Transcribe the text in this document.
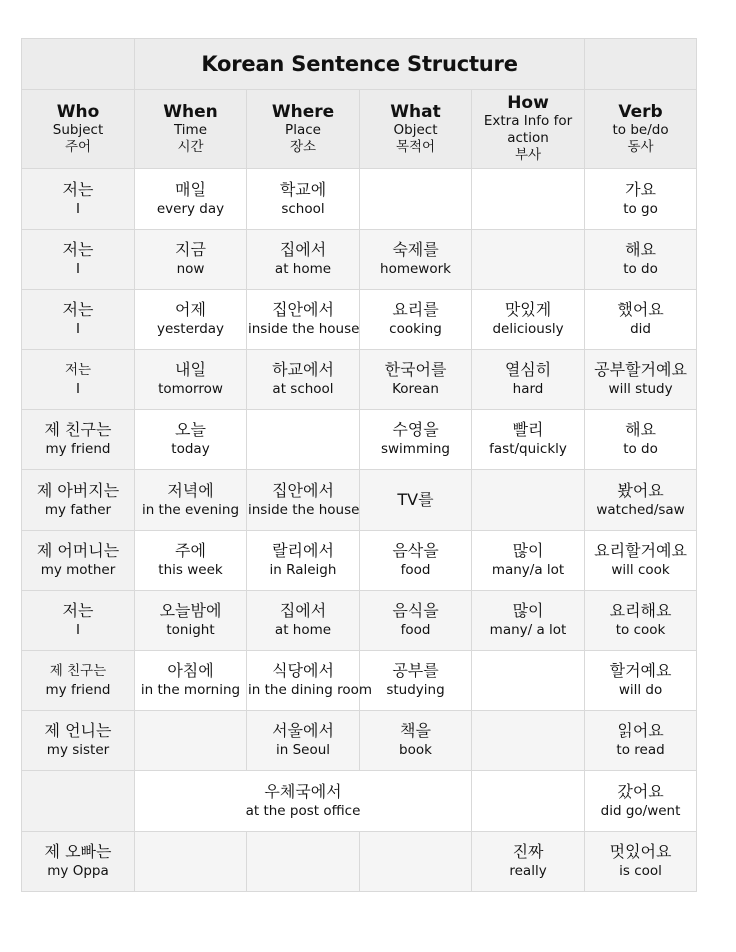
	Korean Sentence Structure				

Who
Subject
주어	When
Time
시간	Where
Place
장소	What
Object
목적어	How
Extra Info for
action
부사	Verb
to be/do
동사

저는
I	매일
every day	학교에
school			가요
to go

저는
I	지금
now	집에서
at home	숙제를
homework		해요
to do

저는
I	어제
yesterday	집안에서
inside the house	요리를
cooking	맛있게
deliciously	했어요
did

저는
I	내일
tomorrow	하교에서
at school	한국어를
Korean	열심히
hard	공부할거예요
will study

제 친구는
my friend	오늘
today		수영을
swimming	빨리
fast/quickly	해요
to do

제 아버지는
my father	저녁에
in the evening	집안에서
inside the house	TV를		봤어요
watched/saw

제 어머니는
my mother	주에
this week	랄리에서
in Raleigh	음삭을
food	많이
many/a lot	요리할거예요
will cook

저는
I	오늘밤에
tonight	집에서
at home	음식을
food	많이
many/ a lot	요리해요
to cook

제 친구는
my friend	아침에
in the morning	식당에서
in the dining room	공부를
studying		할거예요
will do

제 언니는
my sister		서울에서
in Seoul	책을
book		읽어요
to read

	우체국에서
at the post office				갔어요
did go/went

제 오빠는
my Oppa				진짜
really	멋있어요
is cool
